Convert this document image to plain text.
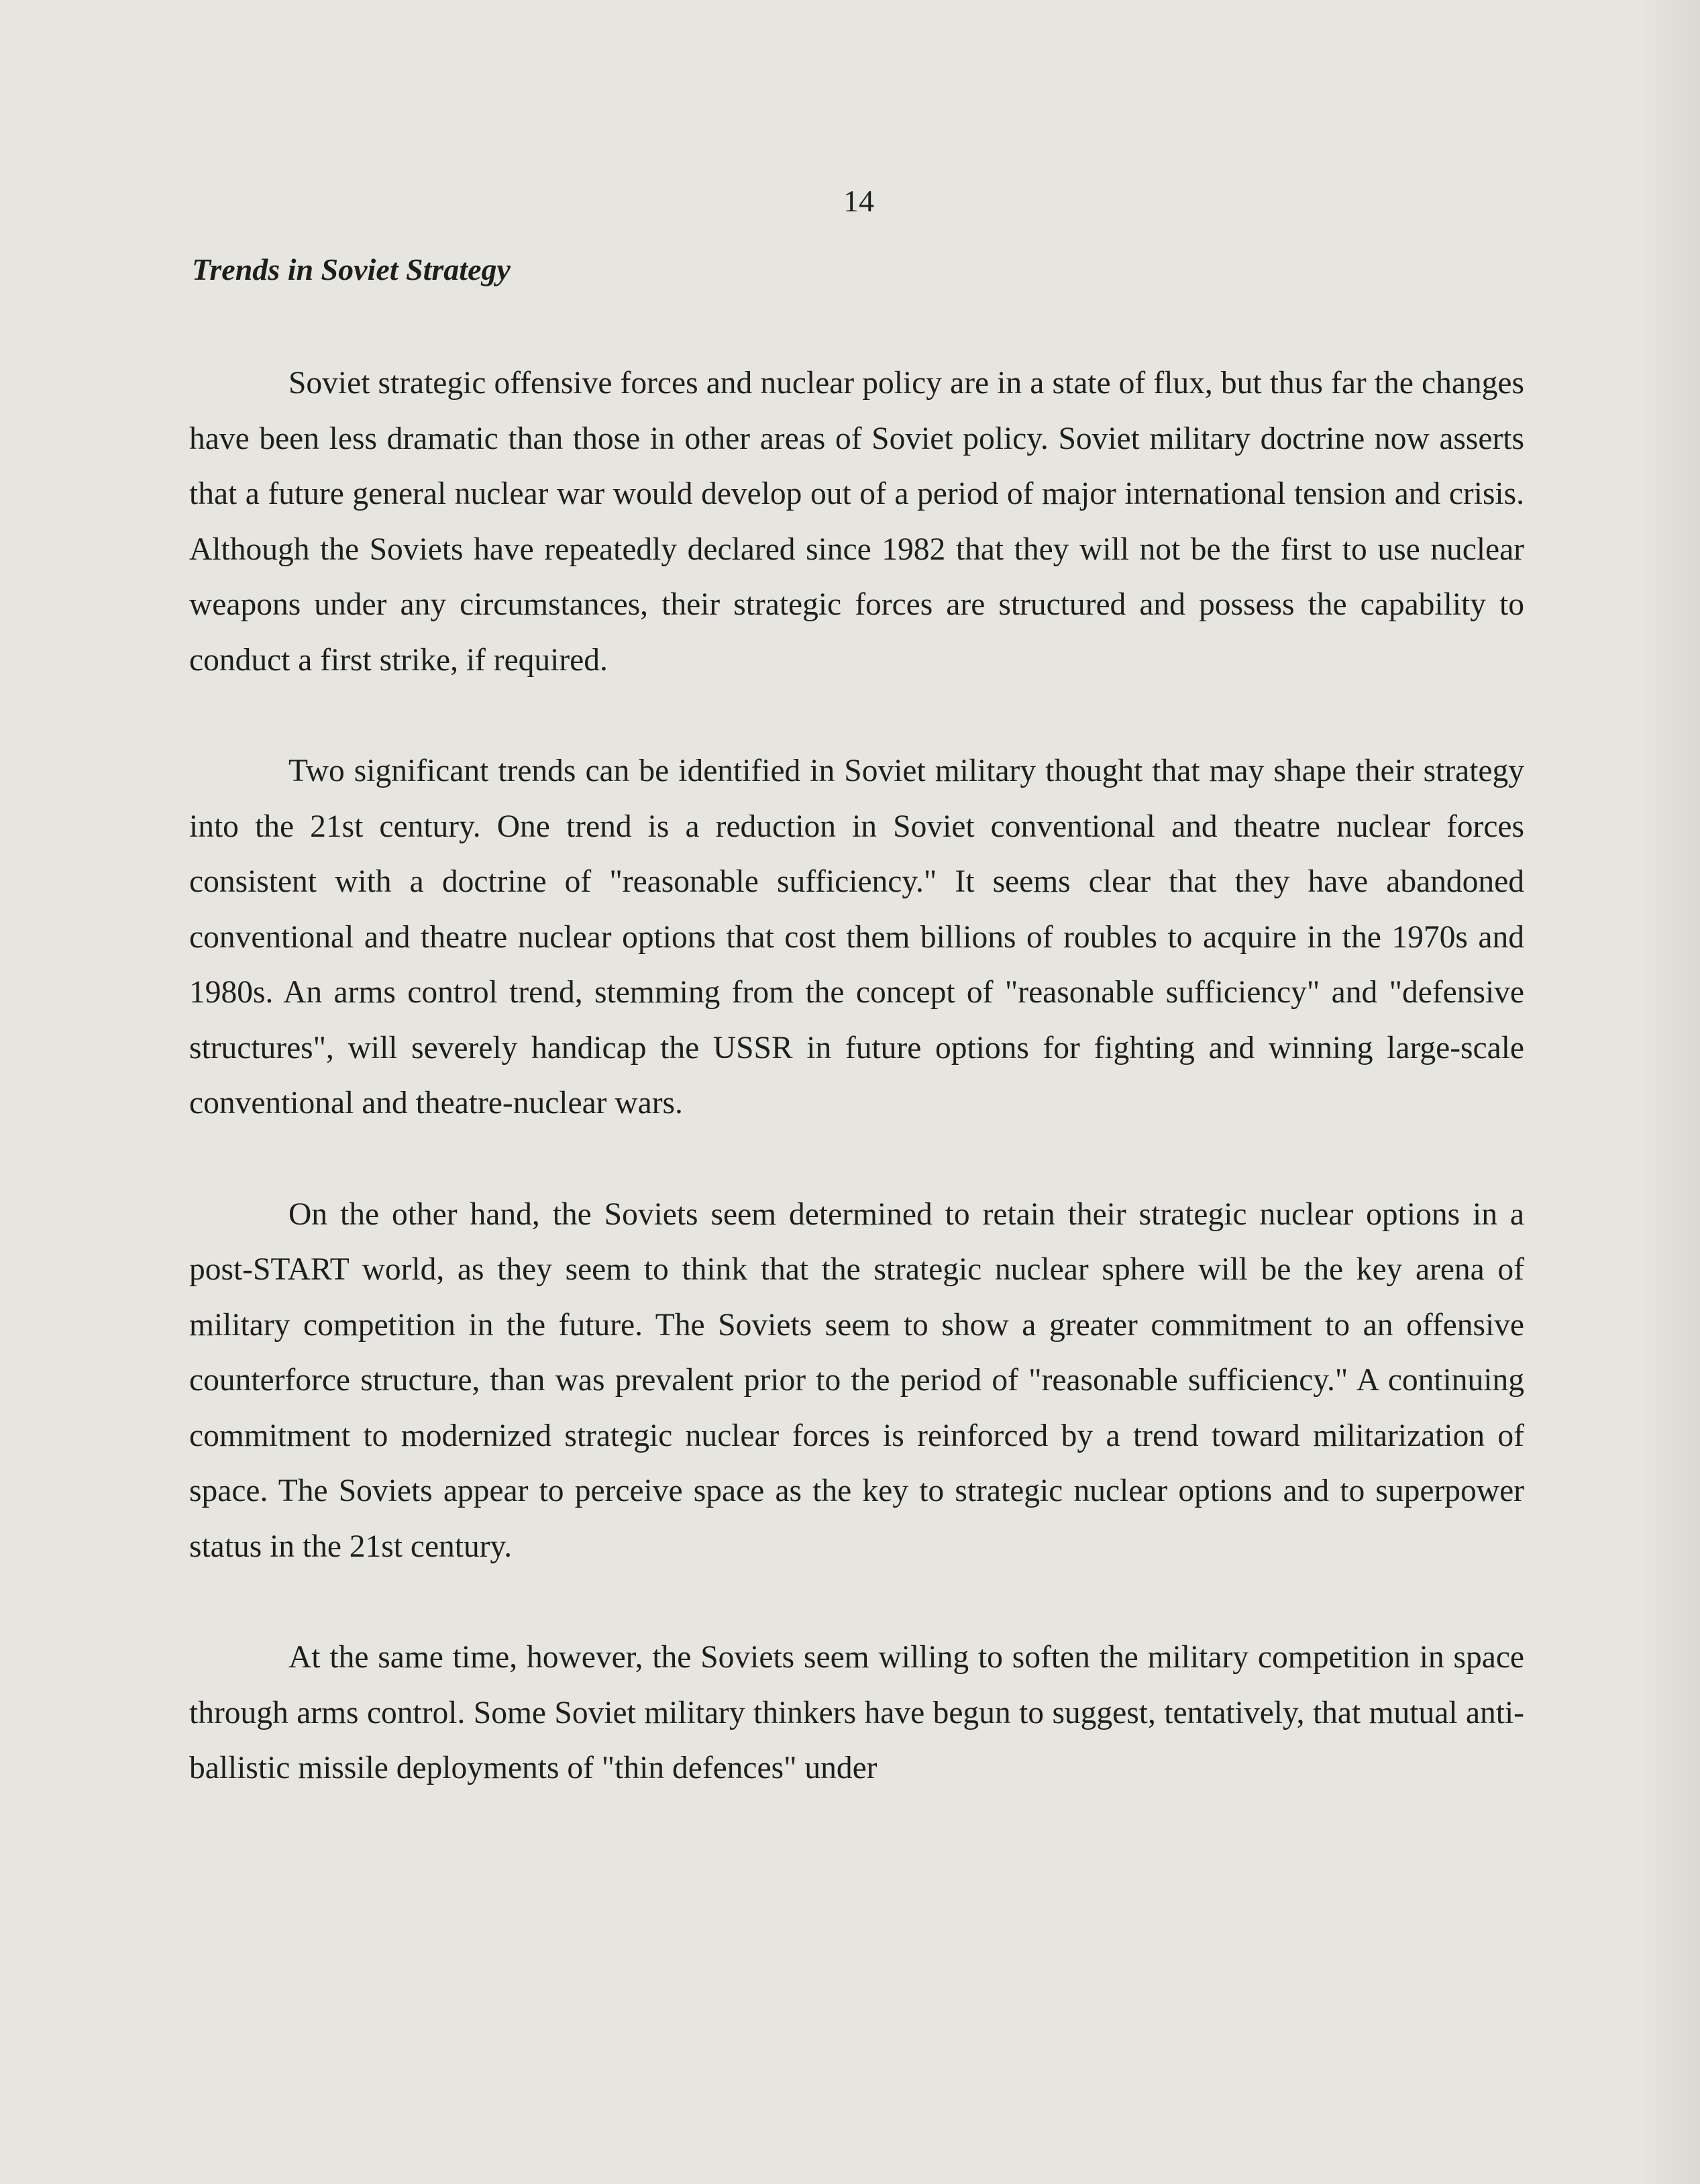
14
Trends in Soviet Strategy

Soviet strategic offensive forces and nuclear policy are in a state of flux, but thus far the changes have been less dramatic than those in other areas of Soviet policy. Soviet military doctrine now asserts that a future general nuclear war would develop out of a period of major international tension and crisis. Although the Soviets have repeatedly declared since 1982 that they will not be the first to use nuclear weapons under any circumstances, their strategic forces are structured and possess the capability to conduct a first strike, if required.

Two significant trends can be identified in Soviet military thought that may shape their strategy into the 21st century. One trend is a reduction in Soviet conventional and theatre nuclear forces consistent with a doctrine of "reasonable sufficiency." It seems clear that they have abandoned conventional and theatre nuclear options that cost them billions of roubles to acquire in the 1970s and 1980s. An arms control trend, stemming from the concept of "reasonable sufficiency" and "defensive structures", will severely handicap the USSR in future options for fighting and winning large-scale conventional and theatre-nuclear wars.

On the other hand, the Soviets seem determined to retain their strategic nuclear options in a post-START world, as they seem to think that the strategic nuclear sphere will be the key arena of military competition in the future. The Soviets seem to show a greater commitment to an offensive counterforce structure, than was prevalent prior to the period of "reasonable sufficiency." A continuing commitment to modernized strategic nuclear forces is reinforced by a trend toward militarization of space. The Soviets appear to perceive space as the key to strategic nuclear options and to superpower status in the 21st century.

At the same time, however, the Soviets seem willing to soften the military competition in space through arms control. Some Soviet military thinkers have begun to suggest, tentatively, that mutual anti-ballistic missile deployments of "thin defences" under
